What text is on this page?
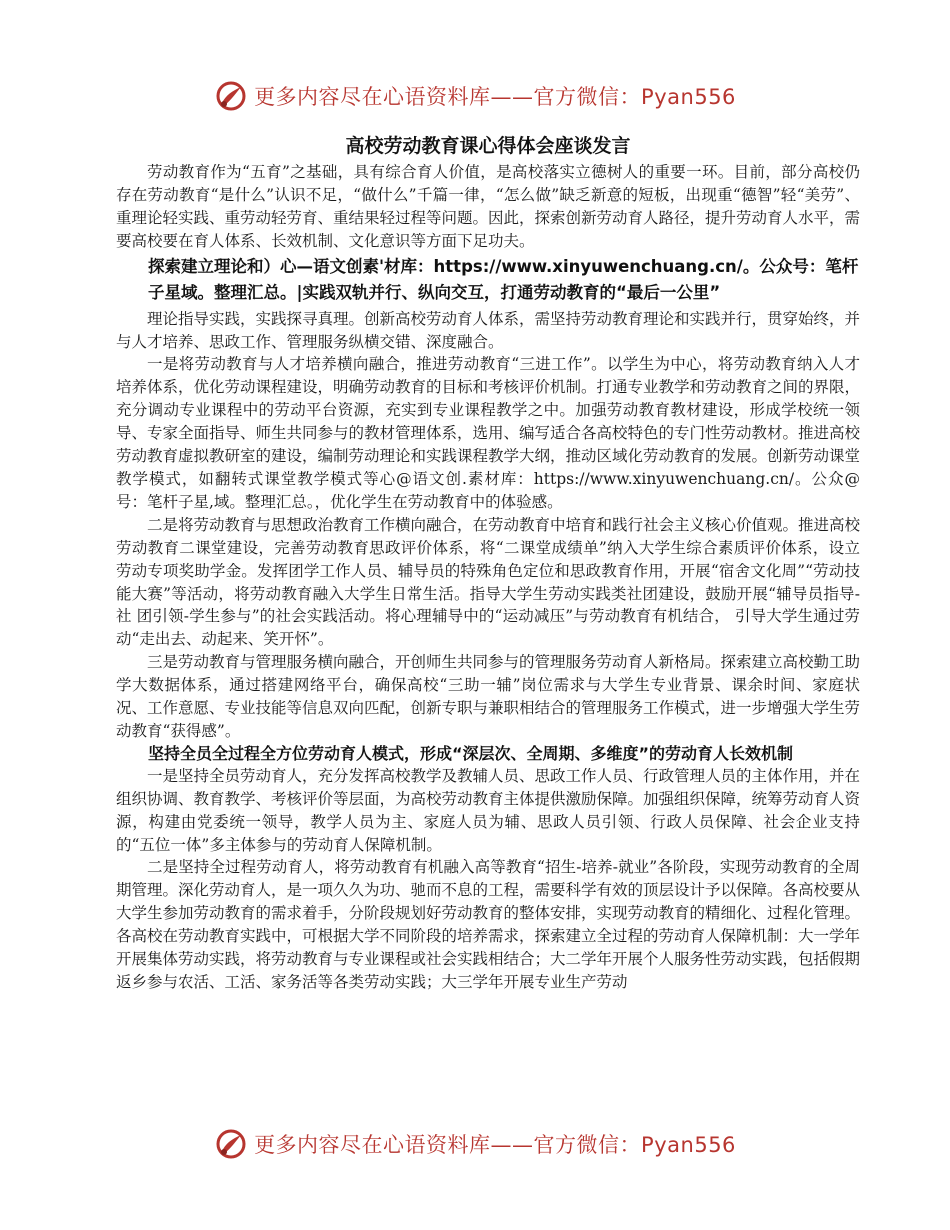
更多内容尽在心语资料库——官方微信：Pyan556
高校劳动教育课心得体会座谈发言

劳动教育作为“五育”之基础，具有综合育人价值，是高校落实立德树人的重要一环。目前，部分高校仍存在劳动教育“是什么”认识不足，“做什么”千篇一律，“怎么做”缺乏新意的短板，出现重“德智”轻“美劳”、重理论轻实践、重劳动轻劳育、重结果轻过程等问题。因此，探索创新劳动育人路径，提升劳动育人水平，需要高校要在育人体系、长效机制、文化意识等方面下足功夫。

探索建立理论和）心—语文创素'材库：https://www.xinyuwenchuang.cn/。公众号：笔杆子星域。整理汇总。|实践双轨并行、纵向交互，打通劳动教育的“最后一公里”

理论指导实践，实践探寻真理。创新高校劳动育人体系，需坚持劳动教育理论和实践并行，贯穿始终，并与人才培养、思政工作、管理服务纵横交错、深度融合。

一是将劳动教育与人才培养横向融合，推进劳动教育“三进工作”。以学生为中心，将劳动教育纳入人才培养体系，优化劳动课程建设，明确劳动教育的目标和考核评价机制。打通专业教学和劳动教育之间的界限，充分调动专业课程中的劳动平台资源，充实到专业课程教学之中。加强劳动教育教材建设，形成学校统一领导、专家全面指导、师生共同参与的教材管理体系，选用、编写适合各高校特色的专门性劳动教材。推进高校劳动教育虚拟教研室的建设，编制劳动理论和实践课程教学大纲，推动区域化劳动教育的发展。创新劳动课堂教学模式，如翻转式课堂教学模式等心@语文创.素材库：https://www.xinyuwenchuang.cn/。公众@号：笔杆子星,域。整理汇总。，优化学生在劳动教育中的体验感。

二是将劳动教育与思想政治教育工作横向融合，在劳动教育中培育和践行社会主义核心价值观。推进高校劳动教育二课堂建设，完善劳动教育思政评价体系，将“二课堂成绩单”纳入大学生综合素质评价体系，设立劳动专项奖助学金。发挥团学工作人员、辅导员的特殊角色定位和思政教育作用，开展“宿舍文化周”“劳动技能大赛”等活动，将劳动教育融入大学生日常生活。指导大学生劳动实践类社团建设，鼓励开展“辅导员指导-社 团引领-学生参与”的社会实践活动。将心理辅导中的“运动减压”与劳动教育有机结合， 引导大学生通过劳动“走出去、动起来、笑开怀”。

三是劳动教育与管理服务横向融合，开创师生共同参与的管理服务劳动育人新格局。探索建立高校勤工助学大数据体系，通过搭建网络平台，确保高校“三助一辅”岗位需求与大学生专业背景、课余时间、家庭状况、工作意愿、专业技能等信息双向匹配，创新专职与兼职相结合的管理服务工作模式，进一步增强大学生劳动教育“获得感”。

坚持全员全过程全方位劳动育人模式，形成“深层次、全周期、多维度”的劳动育人长效机制

一是坚持全员劳动育人，充分发挥高校教学及教辅人员、思政工作人员、行政管理人员的主体作用，并在组织协调、教育教学、考核评价等层面，为高校劳动教育主体提供激励保障。加强组织保障，统筹劳动育人资源，构建由党委统一领导，教学人员为主、家庭人员为辅、思政人员引领、行政人员保障、社会企业支持的“五位一体”多主体参与的劳动育人保障机制。

二是坚持全过程劳动育人，将劳动教育有机融入高等教育“招生-培养-就业”各阶段，实现劳动教育的全周期管理。深化劳动育人，是一项久久为功、驰而不息的工程，需要科学有效的顶层设计予以保障。各高校要从大学生参加劳动教育的需求着手，分阶段规划好劳动教育的整体安排，实现劳动教育的精细化、过程化管理。各高校在劳动教育实践中，可根据大学不同阶段的培养需求，探索建立全过程的劳动育人保障机制：大一学年开展集体劳动实践，将劳动教育与专业课程或社会实践相结合；大二学年开展个人服务性劳动实践，包括假期返乡参与农活、工活、家务活等各类劳动实践；大三学年开展专业生产劳动

更多内容尽在心语资料库——官方微信：Pyan556
